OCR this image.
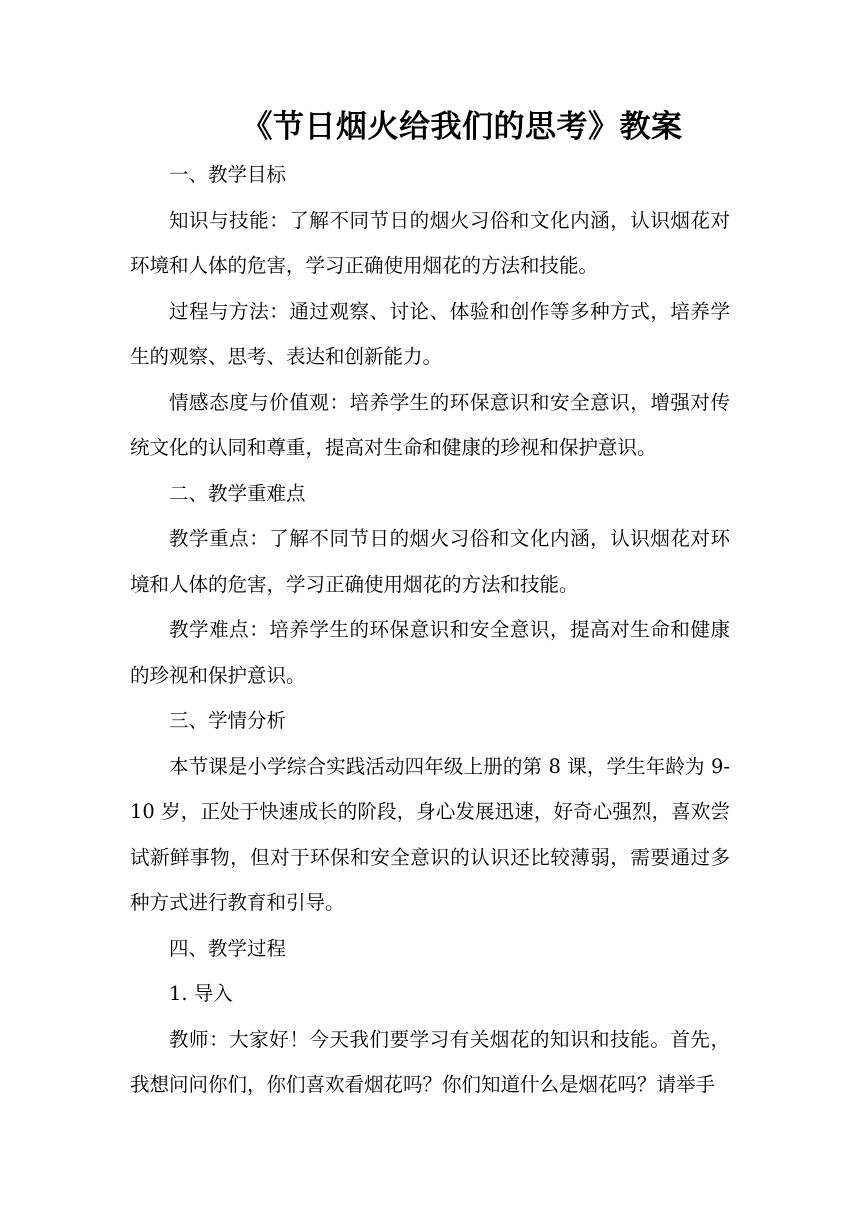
《节日烟火给我们的思考》教案

一、教学目标

知识与技能：了解不同节日的烟火习俗和文化内涵，认识烟花对环境和人体的危害，学习正确使用烟花的方法和技能。

过程与方法：通过观察、讨论、体验和创作等多种方式，培养学生的观察、思考、表达和创新能力。

情感态度与价值观：培养学生的环保意识和安全意识，增强对传统文化的认同和尊重，提高对生命和健康的珍视和保护意识。

二、教学重难点

教学重点：了解不同节日的烟火习俗和文化内涵，认识烟花对环境和人体的危害，学习正确使用烟花的方法和技能。

教学难点：培养学生的环保意识和安全意识，提高对生命和健康的珍视和保护意识。

三、学情分析

本节课是小学综合实践活动四年级上册的第 8 课，学生年龄为 9-10 岁，正处于快速成长的阶段，身心发展迅速，好奇心强烈，喜欢尝试新鲜事物，但对于环保和安全意识的认识还比较薄弱，需要通过多种方式进行教育和引导。

四、教学过程

1. 导入

教师：大家好！今天我们要学习有关烟花的知识和技能。首先，我想问问你们，你们喜欢看烟花吗？你们知道什么是烟花吗？请举手
